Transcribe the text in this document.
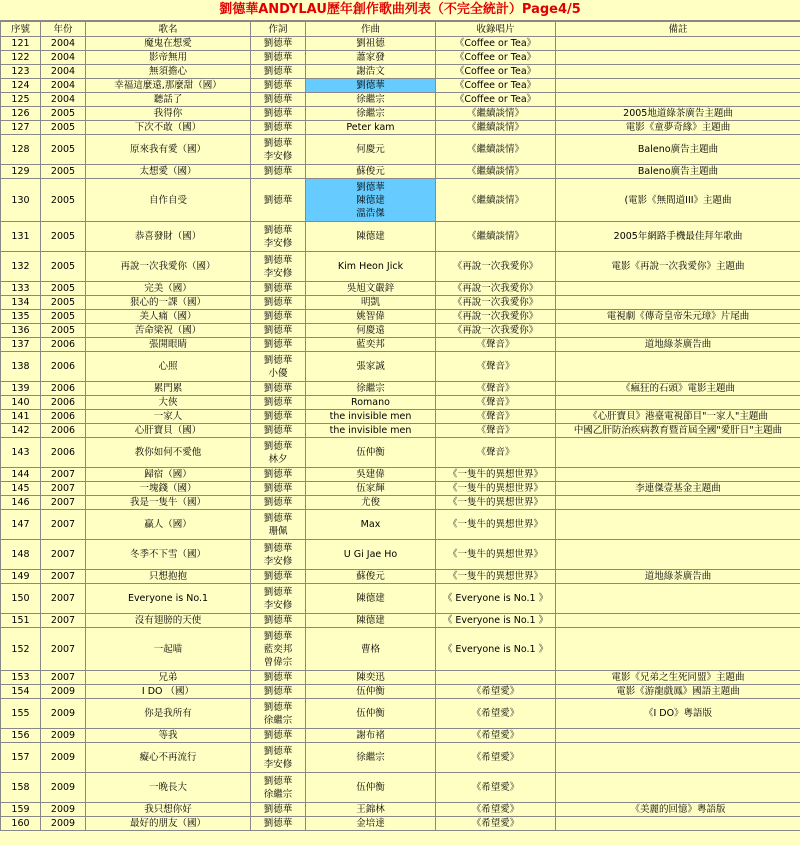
劉德華ANDYLAU歷年創作歌曲列表（不完全統計）Page4/5
序號	年份	歌名	作詞	作曲	收錄唱片	備註
121	2004	魔鬼在想愛	劉德華	劉祖德	《Coffee or Tea》	
122	2004	影帝無用	劉德華	蕭家發	《Coffee or Tea》	
123	2004	無須擔心	劉德華	謝浩文	《Coffee or Tea》	
124	2004	幸福這麼遠,那麼甜（國）	劉德華	劉德華	《Coffee or Tea》	
125	2004	聽話了	劉德華	徐繼宗	《Coffee or Tea》	
126	2005	我得你	劉德華	徐繼宗	《繼續談情》	2005地道綠茶廣告主題曲
127	2005	下次不敢（國）	劉德華	Peter kam	《繼續談情》	電影《童夢奇緣》主題曲
128	2005	原來我有愛（國）	劉德華
李安修	何慶元	《繼續談情》	Baleno廣告主題曲
129	2005	太想愛（國）	劉德華	蘇俊元	《繼續談情》	Baleno廣告主題曲
130	2005	自作自受	劉德華	劉德華
陳德建
溫浩傑	《繼續談情》	(電影《無間道III》主題曲
131	2005	恭喜發財（國）	劉德華
李安修	陳德建	《繼續談情》	2005年網路手機最佳拜年歌曲
132	2005	再說一次我愛你（國）	劉德華
李安修	Kim Heon Jick	《再說一次我愛你》	電影《再說一次我愛你》主題曲
133	2005	完美（國）	劉德華	吳旭文嚴鋅	《再說一次我愛你》	
134	2005	狠心的一課（國）	劉德華	明凱	《再說一次我愛你》	
135	2005	美人痛（國）	劉德華	姚智偉	《再說一次我愛你》	電視劇《傳奇皇帝朱元璋》片尾曲
136	2005	苦命梁祝（國）	劉德華	何慶遠	《再說一次我愛你》	
137	2006	張開眼睛	劉德華	藍奕邦	《聲音》	道地綠茶廣告曲
138	2006	心照	劉德華
小優	張家誠	《聲音》	
139	2006	累門累	劉德華	徐繼宗	《聲音》	《瘋狂的石頭》電影主題曲
140	2006	大俠	劉德華	Romano	《聲音》	
141	2006	一家人	劉德華	the invisible men	《聲音》	《心肝寶貝》港臺電視節目"一家人"主題曲
142	2006	心肝寶貝（國）	劉德華	the invisible men	《聲音》	中國乙肝防治疾病教育暨首屆全國"愛肝日"主題曲
143	2006	教你如何不愛他	劉德華
林夕	伍仲衡	《聲音》	
144	2007	歸宿（國）	劉德華	吳建偉	《一隻牛的異想世界》	
145	2007	一塊錢（國）	劉德華	伍家輝	《一隻牛的異想世界》	李連傑壹基金主題曲
146	2007	我是一隻牛（國）	劉德華	尤俊	《一隻牛的異想世界》	
147	2007	贏人（國）	劉德華
珊佩	Max	《一隻牛的異想世界》	
148	2007	冬季不下雪（國）	劉德華
李安修	U Gi Jae Ho	《一隻牛的異想世界》	
149	2007	只想抱抱	劉德華	蘇俊元	《一隻牛的異想世界》	道地綠茶廣告曲
150	2007	Everyone is No.1	劉德華
李安修	陳德建	《 Everyone is No.1 》	
151	2007	沒有翅膀的天使	劉德華	陳德建	《 Everyone is No.1 》	
152	2007	一起喵	劉德華
藍奕邦
曾偉宗	曹格	《 Everyone is No.1 》	
153	2007	兄弟	劉德華	陳奕迅		電影《兄弟之生死同盟》主題曲
154	2009	I DO （國）	劉德華	伍仲衡	《希望愛》	電影《游龍戲鳳》國語主題曲
155	2009	你是我所有	劉德華
徐繼宗	伍仲衡	《希望愛》	《I DO》粵語版
156	2009	等我	劉德華	謝布褚	《希望愛》	
157	2009	癡心不再流行	劉德華
李安修	徐繼宗	《希望愛》	
158	2009	一晚長大	劉德華
徐繼宗	伍仲衡	《希望愛》	
159	2009	我只想你好	劉德華	王錦林	《希望愛》	《美麗的回憶》粵語版
160	2009	最好的朋友（國）	劉德華	金培達	《希望愛》	
